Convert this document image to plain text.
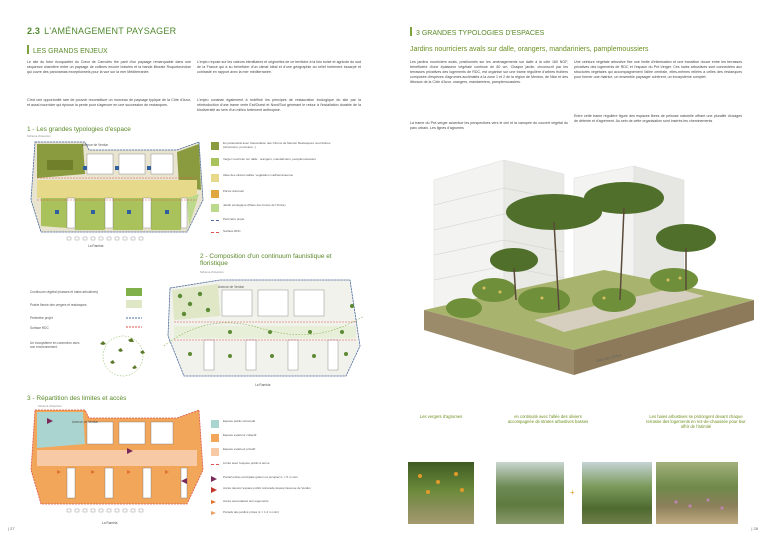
2.3 L'AMÉNAGEMENT PAYSAGER
LES GRANDS ENJEUX

Le site du futur écoquartier du Cœur de Carnolès tire parti d'un paysage remarquable dans une séquence charnière entre un paysage de collines encore boisées et la bande littorale Roquebrunoise qui ouvre des panoramas exceptionnels pour la vue sur la mer Méditerranée.

C'est une opportunité rare de pouvoir reconstituer un morceau de paysage typique de la Côte d'Azur, et aussi nourricier qui épouse la pente pour s'agencer en une succession de restanques.

L'enjeu repose sur les valeurs identitaires et originelles de ce territoire à la fois boisé et agricole du sud de la France qui a su bénéficier d'un climat idéal et d'une géographie au relief fortement escarpé et contrasté en rapport avec la mer méditerranée.

L'enjeu consiste également à redéfinir les principes de restauration écologique du site par la réintroduction d'une trame verte Est/Ouest et Nord/Sud générant le retour à l'installation durable de la biodiversité au sein d'un milieu fortement anthropisé.

1 - Les grandes typologies d'espace
Schéma d'intention
Avenue de Verdun
La Rambla
En partenariat avec l'association des Citrons de Menton Restanques nourricières (citronniers, pommiers...)
Verger nourricier sur dalle : orangers, mandariniers, pamplemoussiers
Allée des oliviers taillés, végétation méditerranéenne
Parvis d'accueil
Jardin écologique (Place des forces de l'Ordre)
Périmètre projet
Surface RDC
2 - Composition d'un continuum faunistique et floristique
Schéma d'intention
Avenue de Verdun
La Rambla
Continuum végétal (masses et haies arbustives)
Prairie fleurie des vergers et restanques
Périmètre projet
Surface RDC
Un écosystème en connexion avec son environnement
3 - Répartition des limites et accès
Schéma d'intention
Avenue de Verdun
La Rambla
Espace public rétrocédé
Espace extérieur collectif
Espace extérieur privatif
Limite avec l'espace public à terme
Portail entrée principale (piéton et pompier) L = 5 m mini
Accès depuis l'espace public rétrocédé depuis l'avenue de Verdun
Accès secondaires aux logements
Portails des jardins privés (L = 1,2 m mini)
| 27
3 GRANDES TYPOLOGIES D'ESPACES
Jardins nourriciers avals sur dalle, orangers, mandariniers, pamplemoussiers

Les jardins nourriciers avals, positionnés sur les aménagements sur dalle à la côte 160 NGF, bénéficient d'une épaisseur végétale continue de 80 cm. Chaque jardin, circonscrit par les terrasses privatives des logements de RDC, est organisé sur une trame régulière d'arbres fruitiers composée d'espèces d'agrumes acclimatés à la zone 1 et 2 de la région de Menton, de Nice et des littoraux de la Côte d'Azur, orangers, mandariniers, pamplemoussiers.

La trame du Pré-verger accentue les perspectives vers le ciel et la canopée du couvert végétal du parc urbain. Les lignes d'agrumes

Une ceinture végétale arbustive fixe une limite d'intimisation et une transition douce entre les terrasses privatives des logements de RDC et l'espace du Pré-Verger. Ces haies arbustives sont connectées aux structures végétales qui accompagnement l'allée centrale, elles-mêmes reliées à celles des restanques pour former une matrice, un ensemble paysager cohérent, un écosystème complet.

Entre cette trame régulière figure des espaces libres de pelouse naturelle offrant une pluralité d'usages de détente et d'agrément. Au sein de cette organisation sont insérés les cheminements

Allée des Oliviers
Les vergers d'agrumes	en continuité avec l'allée des oliviers accompagnée de strates arbustives basses
Les haies arbustives se prolongent devant chaque terrasse des logements en rez-de-chaussée pour leur offrir de l'intimité
+
| 28
